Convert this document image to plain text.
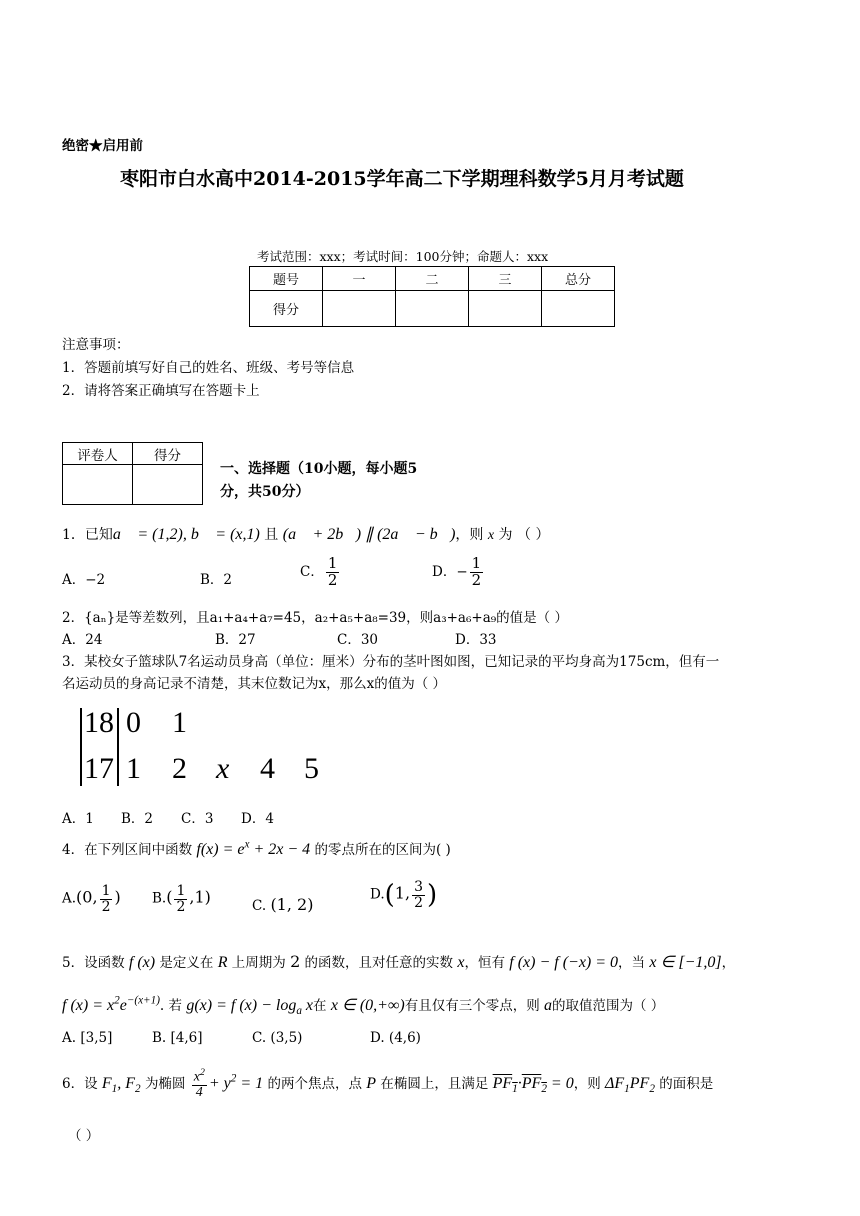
绝密★启用前
枣阳市白水高中2014-2015学年高二下学期理科数学5月月考试题
考试范围：xxx；考试时间：100分钟；命题人：xxx
题号	一	二	三	总分
得分				
注意事项：
1．答题前填写好自己的姓名、班级、考号等信息
2．请将答案正确填写在答题卡上
评卷人	得分

一、选择题（10小题，每小题5
分，共50分）
1．已知a⃗ = (1,2), b⃗ = (x,1) 且 (a⃗ + 2b⃗) ∥ (2a⃗ − b⃗)，则 x 为 （ ）
A．−2	B．2
C． $\frac{1}{2}$	D．− $\frac{1}{2}$
2．{aₙ}是等差数列，且a₁+a₄+a₇=45，a₂+a₅+a₈=39，则a₃+a₆+a₉的值是（ ）
A．24	B．27	C．30	D．33
3．某校女子篮球队7名运动员身高（单位：厘米）分布的茎叶图如图，已知记录的平均身高为175cm，但有一
名运动员的身高记录不清楚，其末位数记为x，那么x的值为（ ）
18 0 1
17 1 2 x 4 5
A．1 B．2 C．3 D．4
4．在下列区间中函数 $f(x) = e^x + 2x - 4$ 的零点所在的区间为( )
A.(0, $\frac{1}{2}$ ) $B.( \frac{1}{2} ,1)$	C. (1, 2)
D.(1, $\frac{3}{2}$ )
5．设函数 f (x) 是定义在 R 上周期为 2 的函数，且对任意的实数 x，恒有 f (x) − f (−x) = 0，当 x ∈ [−1,0]，
f $(x) = x^2e^{-(x+1)}$. 若 g(x) = f $(x) - \log_a x$在 x ∈ (0,+∞)有且仅有三个零点，则 a的取值范围为（ ）
A. [3,5]	B. [4,6]	C. (3,5)	D. (4,6)
6．设 $F_1$, $F_2$ 为椭圆 $\frac{x^2}{4} + y^2 = 1$ 的两个焦点，点 P 在椭圆上，且满足 $PF_1\cdot PF_2 = 0$，则 $\Delta F_1PF_2$ 的面积是
（ ）
